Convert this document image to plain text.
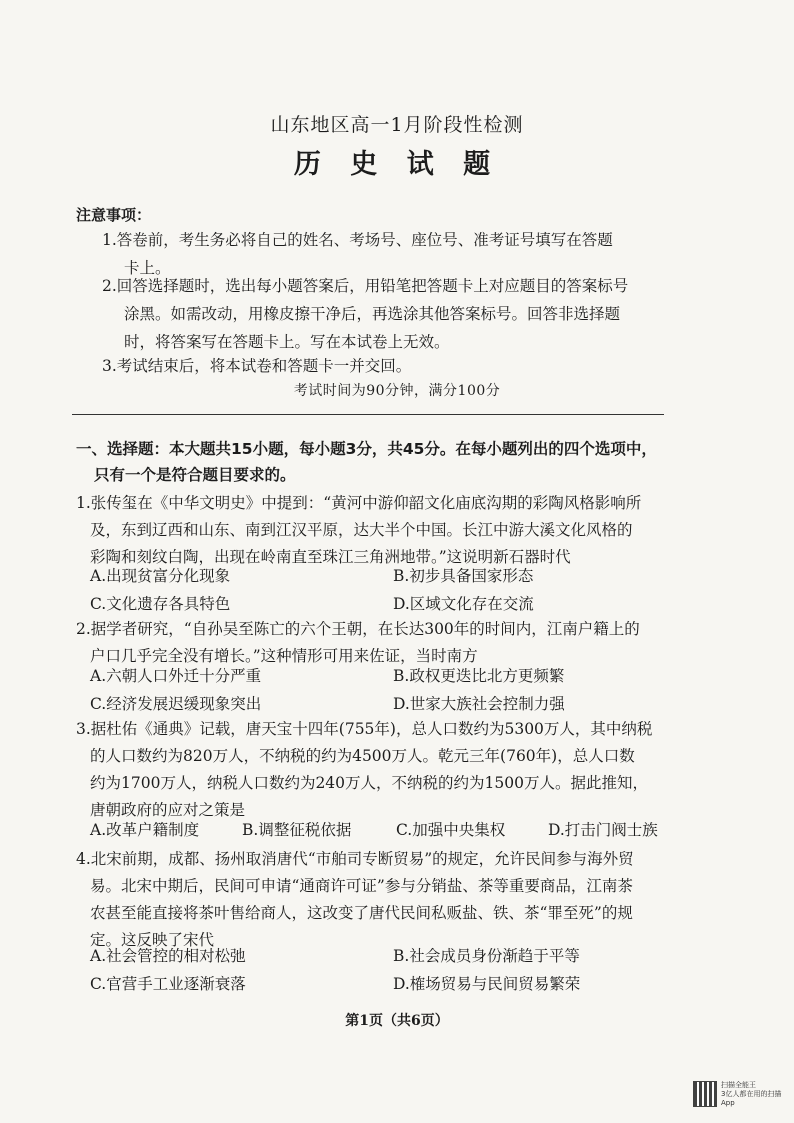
山东地区高一1月阶段性检测
历 史 试 题
注意事项：
1.答卷前，考生务必将自己的姓名、考场号、座位号、准考证号填写在答题
卡上。
2.回答选择题时，选出每小题答案后，用铅笔把答题卡上对应题目的答案标号
涂黑。如需改动，用橡皮擦干净后，再选涂其他答案标号。回答非选择题
时，将答案写在答题卡上。写在本试卷上无效。
3.考试结束后，将本试卷和答题卡一并交回。
考试时间为90分钟，满分100分
一、选择题：本大题共15小题，每小题3分，共45分。在每小题列出的四个选项中，
只有一个是符合题目要求的。
1.张传玺在《中华文明史》中提到：“黄河中游仰韶文化庙底沟期的彩陶风格影响所
及，东到辽西和山东、南到江汉平原，达大半个中国。长江中游大溪文化风格的
彩陶和刻纹白陶，出现在岭南直至珠江三角洲地带。”这说明新石器时代
A.出现贫富分化现象	B.初步具备国家形态
C.文化遗存各具特色	D.区域文化存在交流
2.据学者研究，“自孙吴至陈亡的六个王朝，在长达300年的时间内，江南户籍上的
户口几乎完全没有增长。”这种情形可用来佐证，当时南方
A.六朝人口外迁十分严重	B.政权更迭比北方更频繁
C.经济发展迟缓现象突出	D.世家大族社会控制力强
3.据杜佑《通典》记载，唐天宝十四年(755年)，总人口数约为5300万人，其中纳税
的人口数约为820万人，不纳税的约为4500万人。乾元三年(760年)，总人口数
约为1700万人，纳税人口数约为240万人，不纳税的约为1500万人。据此推知，
唐朝政府的应对之策是
A.改革户籍制度	B.调整征税依据	C.加强中央集权	D.打击门阀士族
4.北宋前期，成都、扬州取消唐代“市舶司专断贸易”的规定，允许民间参与海外贸
易。北宋中期后，民间可申请“通商许可证”参与分销盐、茶等重要商品，江南茶
农甚至能直接将茶叶售给商人，这改变了唐代民间私贩盐、铁、茶“罪至死”的规
定。这反映了宋代
A.社会管控的相对松弛	B.社会成员身份渐趋于平等
C.官营手工业逐渐衰落	D.榷场贸易与民间贸易繁荣
第1页（共6页）
扫描全能王
3亿人都在用的扫描App
